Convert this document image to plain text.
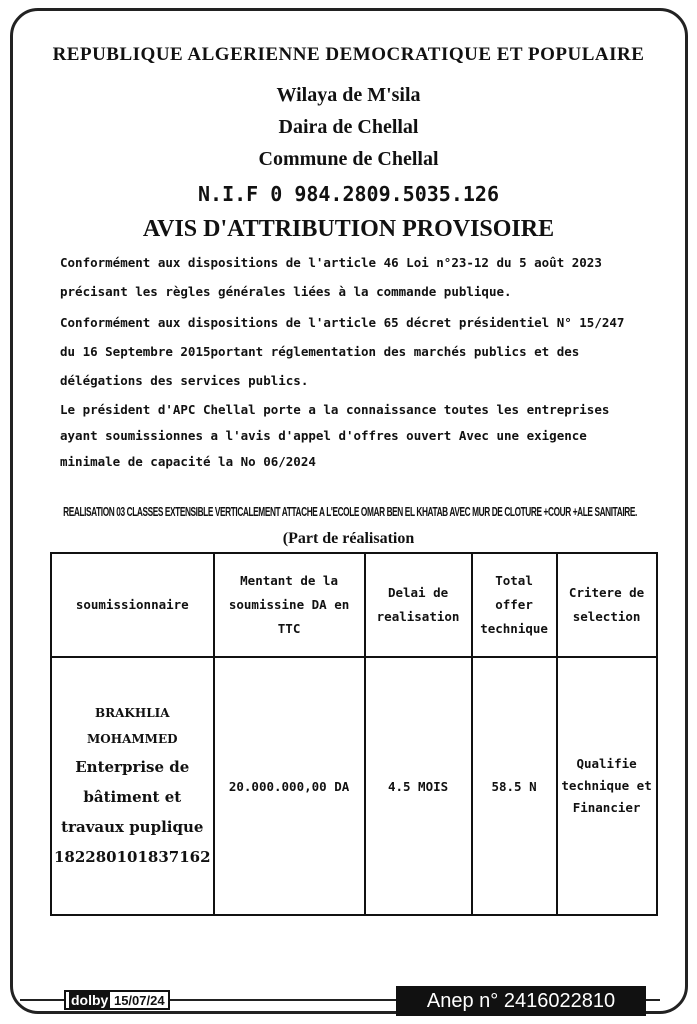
REPUBLIQUE ALGERIENNE DEMOCRATIQUE ET POPULAIRE
Wilaya de M'sila
Daira de Chellal
Commune de Chellal
N.I.F 0 984.2809.5035.126
AVIS D'ATTRIBUTION PROVISOIRE
Conformément aux dispositions de l'article 46 Loi n°23-12 du 5 août 2023
précisant les règles générales liées à la commande publique.
Conformément aux dispositions de l'article 65 décret présidentiel N° 15/247
du 16 Septembre 2015portant réglementation des marchés publics et des
délégations des services publics.
Le président d'APC Chellal porte a la connaissance toutes les entreprises
ayant soumissionnes a l'avis d'appel d'offres ouvert Avec une exigence
minimale de capacité la No 06/2024
REALISATION 03 CLASSES EXTENSIBLE VERTICALEMENT ATTACHE A L'ECOLE OMAR BEN EL KHATAB AVEC MUR DE CLOTURE +COUR +ALE SANITAIRE.
(Part de réalisation
soumissionnaire	Mentant de la soumissine DA en TTC	Delai de realisation	Total offer technique	Critere de selection

BRAKHLIA MOHAMMED
Enterprise de bâtiment et travaux puplique
182280101837162	20.000.000,00 DA	4.5 MOIS	58.5 N	Qualifie technique et Financier
dolby 15/07/24	Anep n° 2416022810
